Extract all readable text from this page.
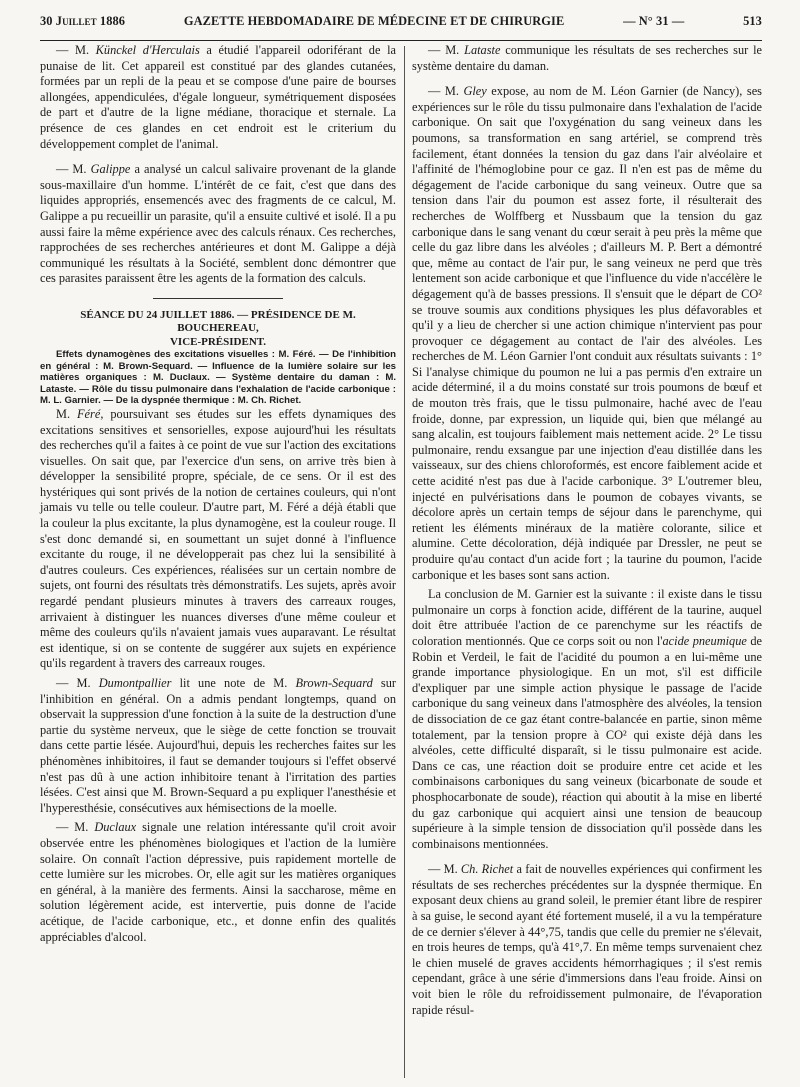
30 Juillet 1886	GAZETTE HEBDOMADAIRE DE MÉDECINE ET DE CHIRURGIE	— N° 31 —	513

— M. Künckel d'Herculais a étudié l'appareil odoriférant de la punaise de lit. Cet appareil est constitué par des glandes cutanées, formées par un repli de la peau et se compose d'une paire de bourses allongées, appendiculées, d'égale longueur, symétriquement disposées de part et d'autre de la ligne médiane, thoracique et sternale. La présence de ces glandes en cet endroit est le criterium du développement complet de l'animal.

— M. Galippe a analysé un calcul salivaire provenant de la glande sous-maxillaire d'un homme. L'intérêt de ce fait, c'est que dans des liquides appropriés, ensemencés avec des fragments de ce calcul, M. Galippe a pu recueillir un parasite, qu'il a ensuite cultivé et isolé. Il a pu aussi faire la même expérience avec des calculs rénaux. Ces recherches, rapprochées de ses recherches antérieures et dont M. Galippe a déjà communiqué les résultats à la Société, semblent donc démontrer que ces parasites paraissent être les agents de la formation des calculs.

SÉANCE DU 24 JUILLET 1886. — PRÉSIDENCE DE M. BOUCHEREAU,
VICE-PRÉSIDENT.

Effets dynamogènes des excitations visuelles : M. Féré. — De l'inhibition en général : M. Brown-Sequard. — Influence de la lumière solaire sur les matières organiques : M. Duclaux. — Système dentaire du daman : M. Lataste. — Rôle du tissu pulmonaire dans l'exhalation de l'acide carbonique : M. L. Garnier. — De la dyspnée thermique : M. Ch. Richet.

M. Féré, poursuivant ses études sur les effets dynamiques des excitations sensitives et sensorielles, expose aujourd'hui les résultats des recherches qu'il a faites à ce point de vue sur l'action des excitations visuelles. On sait que, par l'exercice d'un sens, on arrive très bien à développer la sensibilité propre, spéciale, de ce sens. Or il est des hystériques qui sont privés de la notion de certaines couleurs, qui n'ont jamais vu telle ou telle couleur. D'autre part, M. Féré a déjà établi que la couleur la plus excitante, la plus dynamogène, est la couleur rouge. Il s'est donc demandé si, en soumettant un sujet donné à l'influence excitante du rouge, il ne développerait pas chez lui la sensibilité à d'autres couleurs. Ces expériences, réalisées sur un certain nombre de sujets, ont fourni des résultats très démonstratifs. Les sujets, après avoir regardé pendant plusieurs minutes à travers des carreaux rouges, arrivaient à distinguer les nuances diverses d'une même couleur et même des couleurs qu'ils n'avaient jamais vues auparavant. Le résultat est identique, si on se contente de suggérer aux sujets en expérience qu'ils regardent à travers des carreaux rouges.

— M. Dumontpallier lit une note de M. Brown-Sequard sur l'inhibition en général. On a admis pendant longtemps, quand on observait la suppression d'une fonction à la suite de la destruction d'une partie du système nerveux, que le siège de cette fonction se trouvait dans cette partie lésée. Aujourd'hui, depuis les recherches faites sur les phénomènes inhibitoires, il faut se demander toujours si l'effet observé n'est pas dû à une action inhibitoire tenant à l'irritation des parties lésées. C'est ainsi que M. Brown-Sequard a pu expliquer l'anesthésie et l'hyperesthésie, consécutives aux hémisections de la moelle.

— M. Duclaux signale une relation intéressante qu'il croit avoir observée entre les phénomènes biologiques et l'action de la lumière solaire. On connaît l'action dépressive, puis rapidement mortelle de cette lumière sur les microbes. Or, elle agit sur les matières organiques en général, à la manière des ferments. Ainsi la saccharose, même en solution légèrement acide, est intervertie, puis donne de l'acide acétique, de l'acide carbonique, etc., et donne enfin des qualités appréciables d'alcool.

— M. Lataste communique les résultats de ses recherches sur le système dentaire du daman.

— M. Gley expose, au nom de M. Léon Garnier (de Nancy), ses expériences sur le rôle du tissu pulmonaire dans l'exhalation de l'acide carbonique. On sait que l'oxygénation du sang veineux dans les poumons, sa transformation en sang artériel, se comprend très facilement, étant données la tension du gaz dans l'air alvéolaire et l'affinité de l'hémoglobine pour ce gaz. Il n'en est pas de même du dégagement de l'acide carbonique du sang veineux. Outre que sa tension dans l'air du poumon est assez forte, il résulterait des recherches de Wolffberg et Nussbaum que la tension du gaz carbonique dans le sang venant du cœur serait à peu près la même que celle du gaz libre dans les alvéoles ; d'ailleurs M. P. Bert a démontré que, même au contact de l'air pur, le sang veineux ne perd que très lentement son acide carbonique et que l'influence du vide n'accélère le dégagement qu'à de basses pressions. Il s'ensuit que le départ de CO² se trouve soumis aux conditions physiques les plus défavorables et qu'il y a lieu de chercher si une action chimique n'intervient pas pour provoquer ce dégagement au contact de l'air des alvéoles. Les recherches de M. Léon Garnier l'ont conduit aux résultats suivants : 1° Si l'analyse chimique du poumon ne lui a pas permis d'en extraire un acide déterminé, il a du moins constaté sur trois poumons de bœuf et de mouton très frais, que le tissu pulmonaire, haché avec de l'eau froide, donne, par expression, un liquide qui, bien que mélangé au sang alcalin, est toujours faiblement mais nettement acide. 2° Le tissu pulmonaire, rendu exsangue par une injection d'eau distillée dans les vaisseaux, sur des chiens chloroformés, est encore faiblement acide et cette acidité n'est pas due à l'acide carbonique. 3° L'outremer bleu, injecté en pulvérisations dans le poumon de cobayes vivants, se décolore après un certain temps de séjour dans le parenchyme, qui retient les éléments minéraux de la matière colorante, silice et alumine. Cette décoloration, déjà indiquée par Dressler, ne peut se produire qu'au contact d'un acide fort ; la taurine du poumon, l'acide carbonique et les bases sont sans action.

La conclusion de M. Garnier est la suivante : il existe dans le tissu pulmonaire un corps à fonction acide, différent de la taurine, auquel doit être attribuée l'action de ce parenchyme sur les réactifs de coloration mentionnés. Que ce corps soit ou non l'acide pneumique de Robin et Verdeil, le fait de l'acidité du poumon a en lui-même une grande importance physiologique. En un mot, s'il est difficile d'expliquer par une simple action physique le passage de l'acide carbonique du sang veineux dans l'atmosphère des alvéoles, la tension de dissociation de ce gaz étant contre-balancée en partie, sinon même totalement, par la tension propre à CO² qui existe déjà dans les alvéoles, cette difficulté disparaît, si le tissu pulmonaire est acide. Dans ce cas, une réaction doit se produire entre cet acide et les combinaisons carboniques du sang veineux (bicarbonate de soude et phosphocarbonate de soude), réaction qui aboutit à la mise en liberté du gaz carbonique qui acquiert ainsi une tension de beaucoup supérieure à la simple tension de dissociation qu'il possède dans les combinaisons mentionnées.

— M. Ch. Richet a fait de nouvelles expériences qui confirment les résultats de ses recherches précédentes sur la dyspnée thermique. En exposant deux chiens au grand soleil, le premier étant libre de respirer à sa guise, le second ayant été fortement muselé, il a vu la température de ce dernier s'élever à 44°,75, tandis que celle du premier ne s'élevait, en trois heures de temps, qu'à 41°,7. En même temps survenaient chez le chien muselé de graves accidents hémorrhagiques ; il s'est remis cependant, grâce à une série d'immersions dans l'eau froide. Ainsi on voit bien le rôle du refroidissement pulmonaire, de l'évaporation rapide résul-
